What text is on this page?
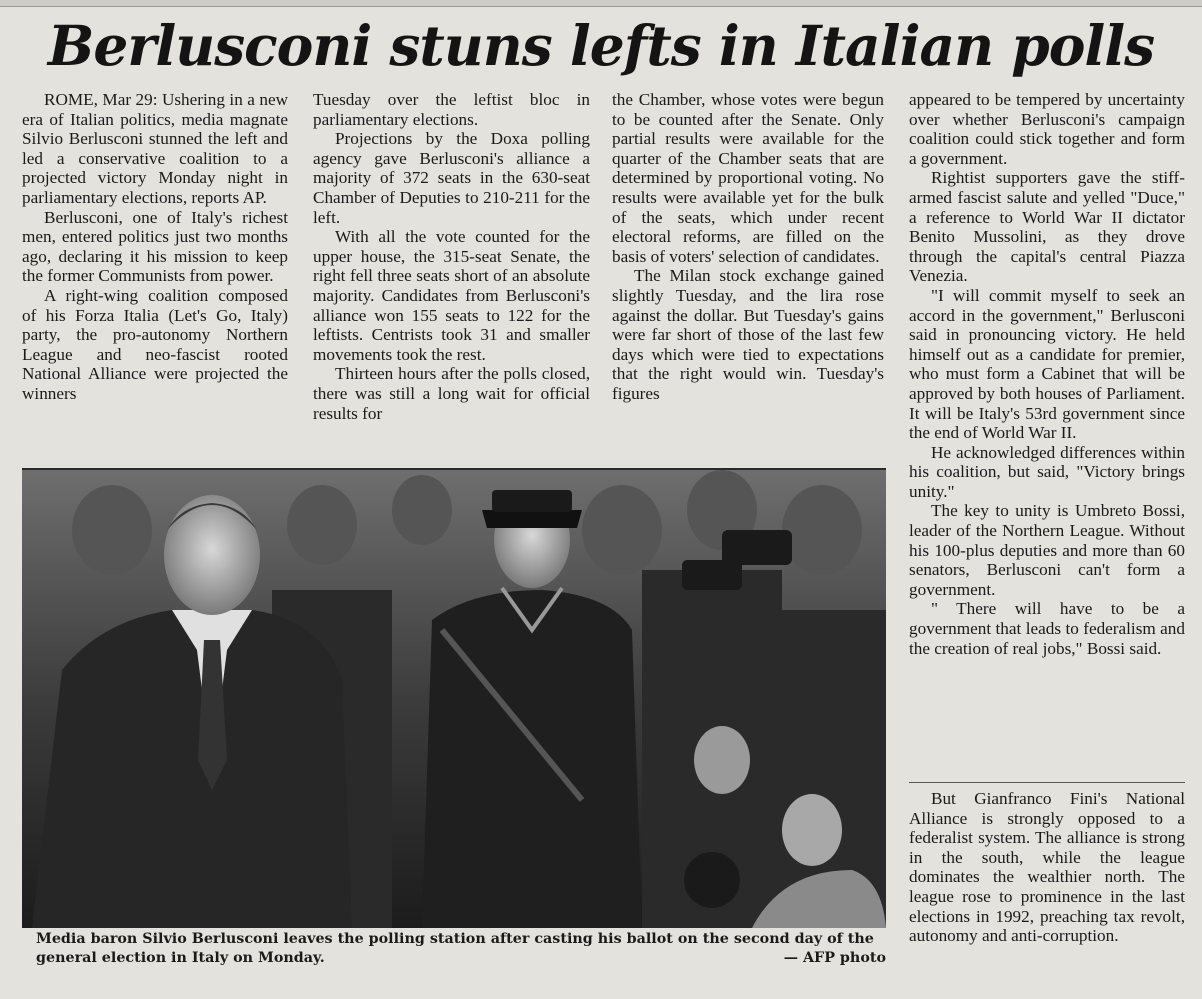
Berlusconi stuns lefts in Italian polls

ROME, Mar 29: Ushering in a new era of Italian politics, media magnate Silvio Berlusconi stunned the left and led a conservative coalition to a projected victory Monday night in parliamentary elections, reports AP.

Berlusconi, one of Italy's richest men, entered politics just two months ago, declaring it his mission to keep the former Communists from power.

A right-wing coalition composed of his Forza Italia (Let's Go, Italy) party, the pro-autonomy Northern League and neo-fascist rooted National Alliance were projected the winners

Tuesday over the leftist bloc in parliamentary elections.

Projections by the Doxa polling agency gave Berlusconi's alliance a majority of 372 seats in the 630-seat Chamber of Deputies to 210-211 for the left.

With all the vote counted for the upper house, the 315-seat Senate, the right fell three seats short of an absolute majority. Candidates from Berlusconi's alliance won 155 seats to 122 for the leftists. Centrists took 31 and smaller movements took the rest.

Thirteen hours after the polls closed, there was still a long wait for official results for

the Chamber, whose votes were begun to be counted after the Senate. Only partial results were available for the quarter of the Chamber seats that are determined by proportional voting. No results were available yet for the bulk of the seats, which under recent electoral reforms, are filled on the basis of voters' selection of candidates.

The Milan stock exchange gained slightly Tuesday, and the lira rose against the dollar. But Tuesday's gains were far short of those of the last few days which were tied to expectations that the right would win. Tuesday's figures

appeared to be tempered by uncertainty over whether Berlusconi's campaign coalition could stick together and form a government.

Rightist supporters gave the stiff-armed fascist salute and yelled "Duce," a reference to World War II dictator Benito Mussolini, as they drove through the capital's central Piazza Venezia.

"I will commit myself to seek an accord in the government," Berlusconi said in pronouncing victory. He held himself out as a candidate for premier, who must form a Cabinet that will be approved by both houses of Parliament. It will be Italy's 53rd government since the end of World War II.

He acknowledged differences within his coalition, but said, "Victory brings unity."

The key to unity is Umbreto Bossi, leader of the Northern League. Without his 100-plus deputies and more than 60 senators, Berlusconi can't form a government.

" There will have to be a government that leads to federalism and the creation of real jobs," Bossi said.

But Gianfranco Fini's National Alliance is strongly opposed to a federalist system. The alliance is strong in the south, while the league dominates the wealthier north. The league rose to prominence in the last elections in 1992, preaching tax revolt, autonomy and anti-corruption.

Media baron Silvio Berlusconi leaves the polling station after casting his ballot on the second day of the general election in Italy on Monday.	— AFP photo
